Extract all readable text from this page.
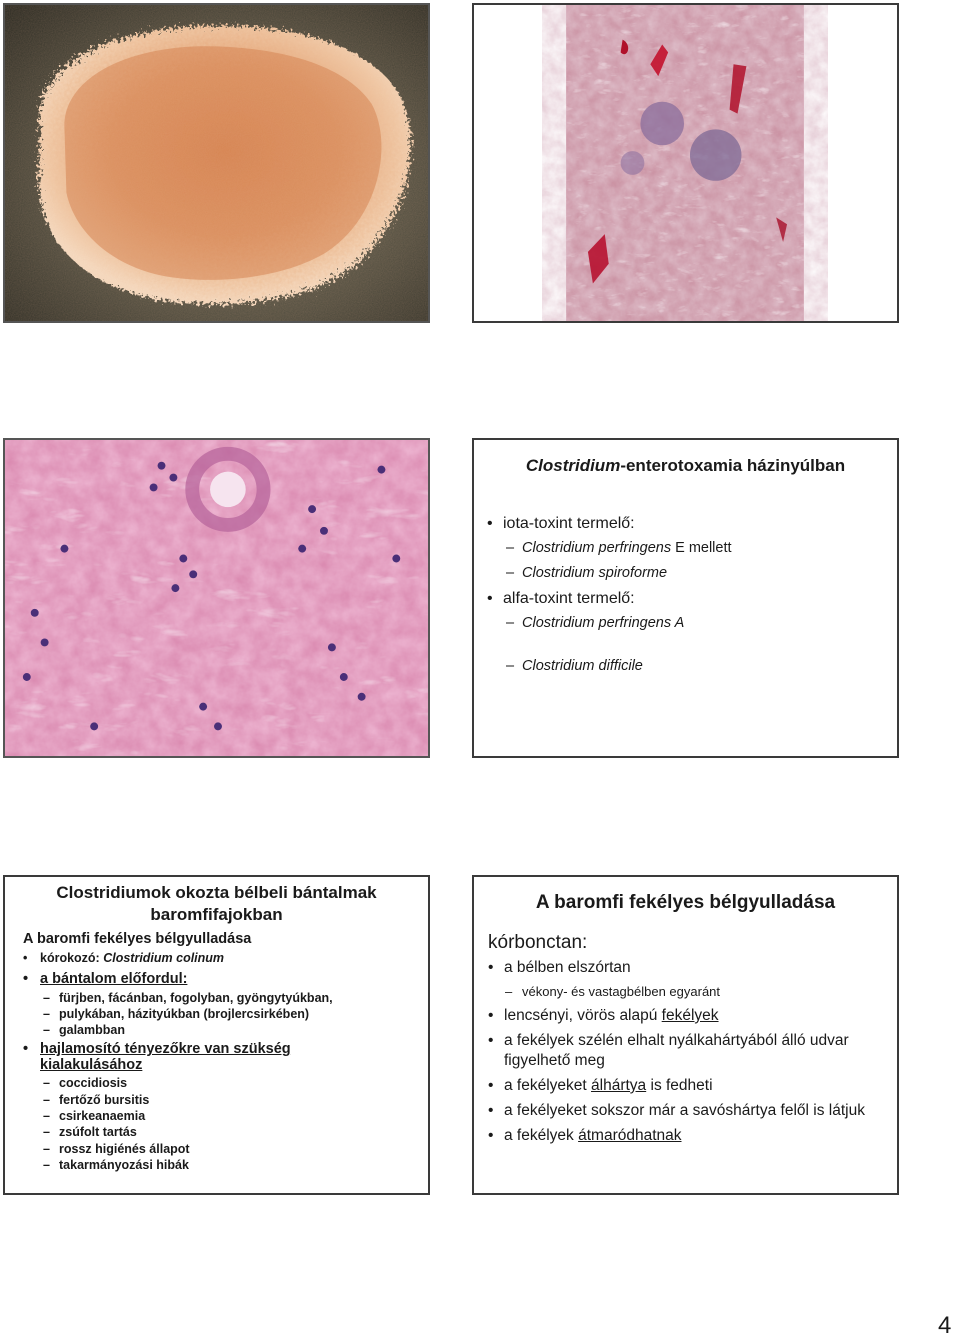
Clostridium-enterotoxamia házinyúlban
• iota-toxint termelő:
– Clostridium perfringens E mellett
– Clostridium spiroforme
• alfa-toxint termelő:
– Clostridium perfringens A
– Clostridium difficile
Clostridiumok okozta bélbeli bántalmak
baromfifajokban
A baromfi fekélyes bélgyulladása
• kórokozó: Clostridium colinum
• a bántalom előfordul:
– fürjben, fácánban, fogolyban, gyöngytyúkban,
– pulykában, házityúkban (brojlercsirkében)
– galambban
• hajlamosító tényezőkre van szükség
kialakulásához
– coccidiosis
– fertőző bursitis
– csirkeanaemia
– zsúfolt tartás
– rossz higiénés állapot
– takarmányozási hibák
A baromfi fekélyes bélgyulladása
kórbonctan:
• a bélben elszórtan
– vékony- és vastagbélben egyaránt
• lencsényi, vörös alapú fekélyek
• a fekélyek szélén elhalt nyálkahártyából álló udvar figyelhető meg
• a fekélyeket álhártya is fedheti
• a fekélyeket sokszor már a savóshártya felől is látjuk
• a fekélyek átmaródhatnak
4
